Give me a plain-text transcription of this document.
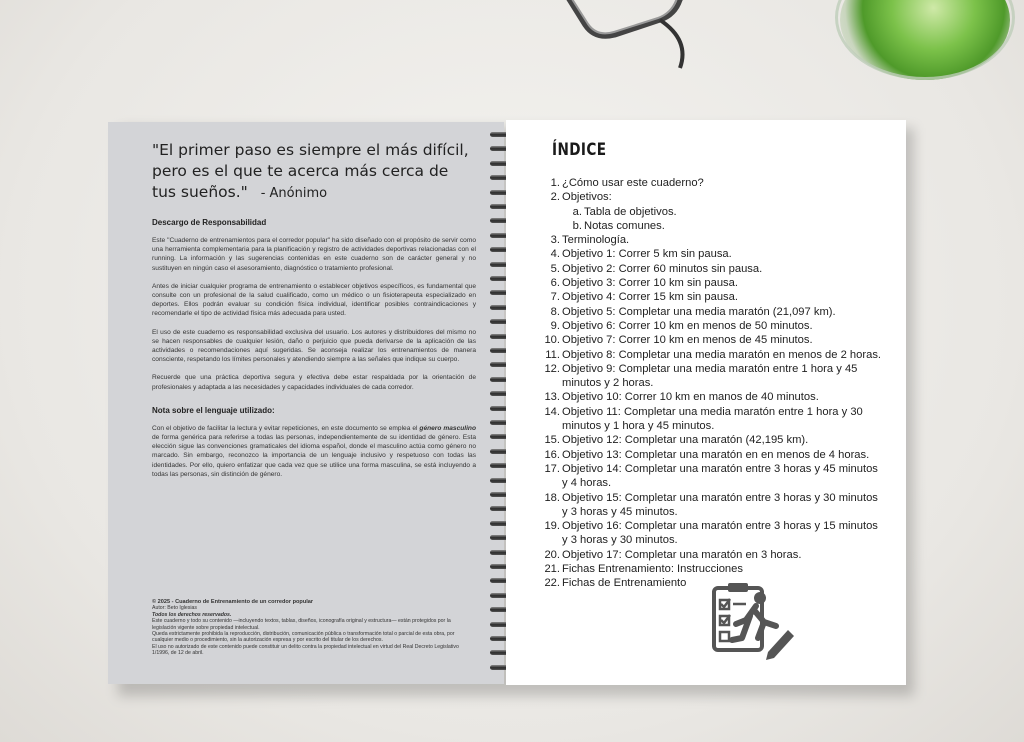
"El primer paso es siempre el más difícil, pero es el que te acerca más cerca de tus sueños." - Anónimo
Descargo de Responsabilidad

Este "Cuaderno de entrenamientos para el corredor popular" ha sido diseñado con el propósito de servir como una herramienta complementaria para la planificación y registro de actividades deportivas relacionadas con el running. La información y las sugerencias contenidas en este cuaderno son de carácter general y no sustituyen en ningún caso el asesoramiento, diagnóstico o tratamiento profesional.

Antes de iniciar cualquier programa de entrenamiento o establecer objetivos específicos, es fundamental que consulte con un profesional de la salud cualificado, como un médico o un fisioterapeuta especializado en deportes. Ellos podrán evaluar su condición física individual, identificar posibles contraindicaciones y recomendarle el tipo de actividad física más adecuada para usted.

El uso de este cuaderno es responsabilidad exclusiva del usuario. Los autores y distribuidores del mismo no se hacen responsables de cualquier lesión, daño o perjuicio que pueda derivarse de la aplicación de las actividades o recomendaciones aquí sugeridas. Se aconseja realizar los entrenamientos de manera consciente, respetando los límites personales y atendiendo siempre a las señales que indique su cuerpo.

Recuerde que una práctica deportiva segura y efectiva debe estar respaldada por la orientación de profesionales y adaptada a las necesidades y capacidades individuales de cada corredor.

Nota sobre el lenguaje utilizado:

Con el objetivo de facilitar la lectura y evitar repeticiones, en este documento se emplea el género masculino de forma genérica para referirse a todas las personas, independientemente de su identidad de género. Esta elección sigue las convenciones gramaticales del idioma español, donde el masculino actúa como género no marcado. Sin embargo, reconozco la importancia de un lenguaje inclusivo y respetuoso con todas las identidades. Por ello, quiero enfatizar que cada vez que se utilice una forma masculina, se está incluyendo a todas las personas, sin distinción de género.

© 2025 - Cuaderno de Entrenamiento de un corredor popular
Autor: Beto Iglesias
Todos los derechos reservados.
Este cuaderno y todo su contenido —incluyendo textos, tablas, diseños, iconografía original y estructura— están protegidos por la legislación vigente sobre propiedad intelectual.
Queda estrictamente prohibida la reproducción, distribución, comunicación pública o transformación total o parcial de esta obra, por cualquier medio o procedimiento, sin la autorización expresa y por escrito del titular de los derechos.
El uso no autorizado de este contenido puede constituir un delito contra la propiedad intelectual en virtud del Real Decreto Legislativo 1/1996, de 12 de abril.
ÍNDICE
1. ¿Cómo usar este cuaderno?
2. Objetivos:
a. Tabla de objetivos.
b. Notas comunes.
3. Terminología.
4. Objetivo 1: Correr 5 km sin pausa.
5. Objetivo 2: Correr 60 minutos sin pausa.
6. Objetivo 3: Correr 10 km sin pausa.
7. Objetivo 4: Correr 15 km sin pausa.
8. Objetivo 5: Completar una media maratón (21,097 km).
9. Objetivo 6: Correr 10 km en menos de 50 minutos.
10. Objetivo 7: Correr 10 km en menos de 45 minutos.
11. Objetivo 8: Completar una media maratón en menos de 2 horas.
12. Objetivo 9: Completar una media maratón entre 1 hora y 45 minutos y 2 horas.
13. Objetivo 10: Correr 10 km en manos de 40 minutos.
14. Objetivo 11: Completar una media maratón entre 1 hora y 30 minutos y 1 hora y 45 minutos.
15. Objetivo 12: Completar una maratón (42,195 km).
16. Objetivo 13: Completar una maratón en en menos de 4 horas.
17. Objetivo 14: Completar una maratón entre 3 horas y 45 minutos y 4 horas.
18. Objetivo 15: Completar una maratón entre 3 horas y 30 minutos y 3 horas y 45 minutos.
19. Objetivo 16: Completar una maratón entre 3 horas y 15 minutos y 3 horas y 30 minutos.
20. Objetivo 17: Completar una maratón en 3 horas.
21. Fichas Entrenamiento: Instrucciones
22. Fichas de Entrenamiento
